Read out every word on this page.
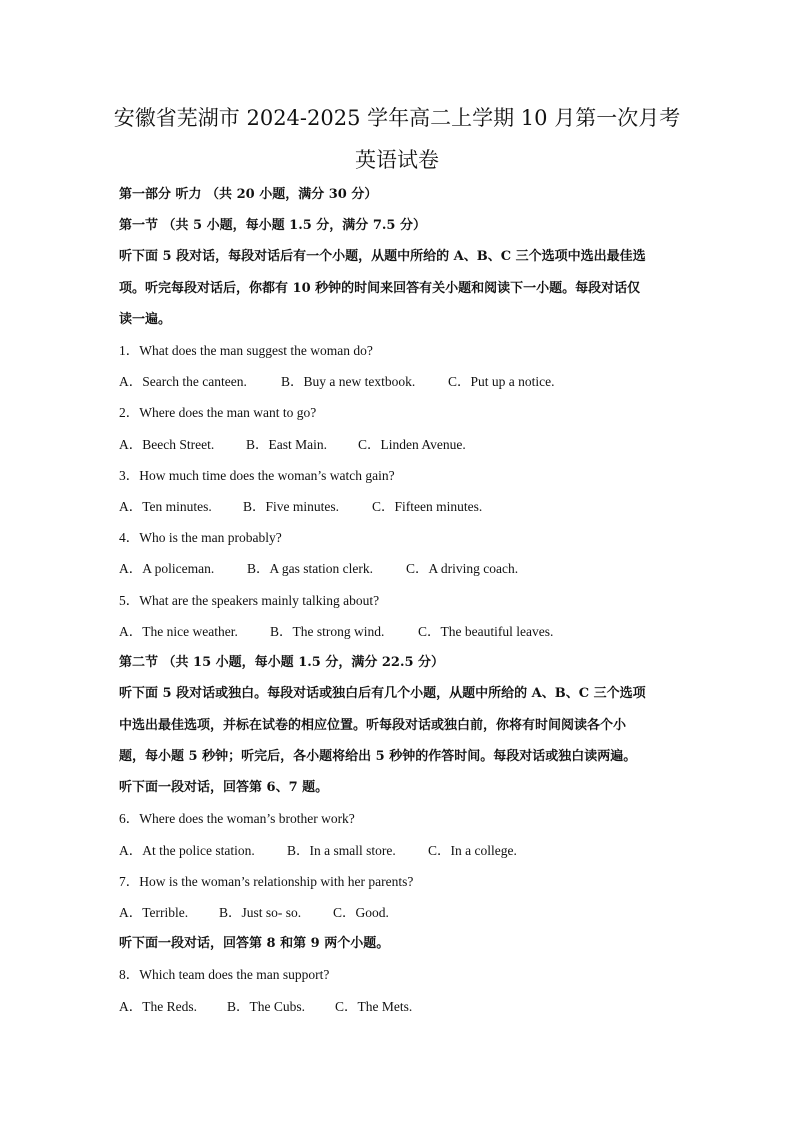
安徽省芜湖市 2024-2025 学年高二上学期 10 月第一次月考
英语试卷
第一部分 听力 （共 20 小题，满分 30 分）
第一节 （共 5 小题，每小题 1.5 分，满分 7.5 分）
听下面 5 段对话，每段对话后有一个小题，从题中所给的 A、B、C 三个选项中选出最佳选
项。听完每段对话后，你都有 10 秒钟的时间来回答有关小题和阅读下一小题。每段对话仅
读一遍。
1．What does the man suggest the woman do?
A．Search the canteen.	B．Buy a new textbook. C．Put up a notice.
2．Where does the man want to go?
A．Beech Street. B．East Main. C．Linden Avenue.
3．How much time does the woman’s watch gain?
A．Ten minutes. B．Five minutes. C．Fifteen minutes.
4．Who is the man probably?
A．A policeman. B．A gas station clerk. C．A driving coach.
5．What are the speakers mainly talking about?
A．The nice weather. B．The strong wind. C．The beautiful leaves.
第二节 （共 15 小题，每小题 1.5 分，满分 22.5 分）
听下面 5 段对话或独白。每段对话或独白后有几个小题，从题中所给的 A、B、C 三个选项
中选出最佳选项，并标在试卷的相应位置。听每段对话或独白前，你将有时间阅读各个小
题，每小题 5 秒钟；听完后，各小题将给出 5 秒钟的作答时间。每段对话或独白读两遍。
听下面一段对话，回答第 6、7 题。
6．Where does the woman’s brother work?
A．At the police station. B．In a small store. C．In a college.
7．How is the woman’s relationship with her parents?
A．Terrible. B．Just so- so. C．Good.
听下面一段对话，回答第 8 和第 9 两个小题。
8．Which team does the man support?
A．The Reds. B．The Cubs. C．The Mets.
